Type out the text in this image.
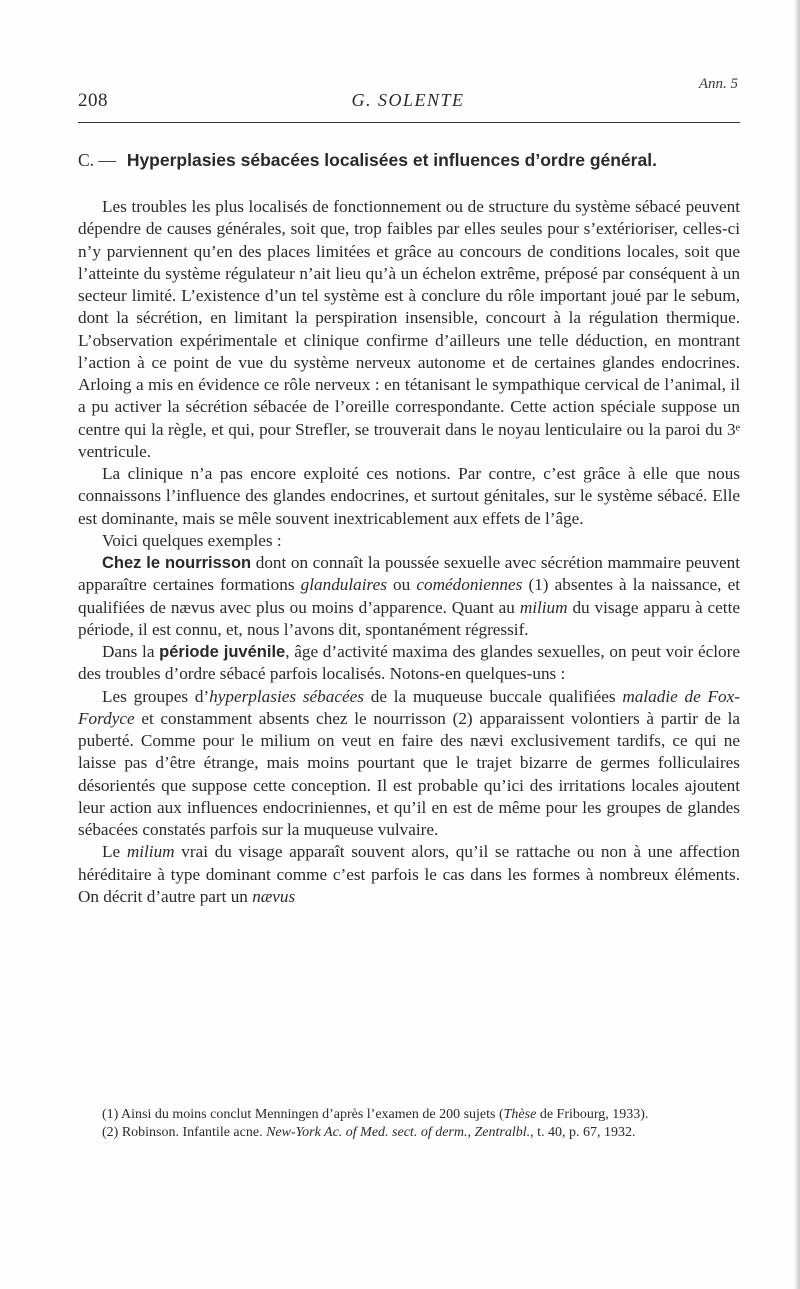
208	G. SOLENTE
Ann. 5
C. — Hyperplasies sébacées localisées et influences d’ordre général.

Les troubles les plus localisés de fonctionnement ou de structure du système sébacé peuvent dépendre de causes générales, soit que, trop faibles par elles seules pour s’extérioriser, celles-ci n’y parviennent qu’en des places limitées et grâce au concours de conditions locales, soit que l’atteinte du système régulateur n’ait lieu qu’à un échelon extrême, préposé par conséquent à un secteur limité. L’existence d’un tel système est à conclure du rôle important joué par le sebum, dont la sécrétion, en limitant la perspiration insensible, concourt à la régulation thermique. L’observation expérimentale et clinique confirme d’ailleurs une telle déduction, en montrant l’action à ce point de vue du système nerveux autonome et de certaines glandes endocrines. Arloing a mis en évidence ce rôle nerveux : en tétanisant le sympathique cervical de l’animal, il a pu activer la sécrétion sébacée de l’oreille correspondante. Cette action spéciale suppose un centre qui la règle, et qui, pour Strefler, se trouverait dans le noyau lenticulaire ou la paroi du 3ᵉ ventricule.

La clinique n’a pas encore exploité ces notions. Par contre, c’est grâce à elle que nous connaissons l’influence des glandes endocrines, et surtout génitales, sur le système sébacé. Elle est dominante, mais se mêle souvent inextricablement aux effets de l’âge.

Voici quelques exemples :

Chez le nourrisson dont on connaît la poussée sexuelle avec sécrétion mammaire peuvent apparaître certaines formations glandulaires ou comédoniennes (1) absentes à la naissance, et qualifiées de nævus avec plus ou moins d’apparence. Quant au milium du visage apparu à cette période, il est connu, et, nous l’avons dit, spontanément régressif.

Dans la période juvénile, âge d’activité maxima des glandes sexuelles, on peut voir éclore des troubles d’ordre sébacé parfois localisés. Notons-en quelques-uns :

Les groupes d’hyperplasies sébacées de la muqueuse buccale qualifiées maladie de Fox-Fordyce et constamment absents chez le nourrisson (2) apparaissent volontiers à partir de la puberté. Comme pour le milium on veut en faire des nævi exclusivement tardifs, ce qui ne laisse pas d’être étrange, mais moins pourtant que le trajet bizarre de germes folliculaires désorientés que suppose cette conception. Il est probable qu’ici des irritations locales ajoutent leur action aux influences endocriniennes, et qu’il en est de même pour les groupes de glandes sébacées constatés parfois sur la muqueuse vulvaire.

Le milium vrai du visage apparaît souvent alors, qu’il se rattache ou non à une affection héréditaire à type dominant comme c’est parfois le cas dans les formes à nombreux éléments. On décrit d’autre part un nævus

(1) Ainsi du moins conclut Menningen d’après l’examen de 200 sujets (Thèse de Fribourg, 1933).

(2) Robinson. Infantile acne. New-York Ac. of Med. sect. of derm., Zentralbl., t. 40, p. 67, 1932.
